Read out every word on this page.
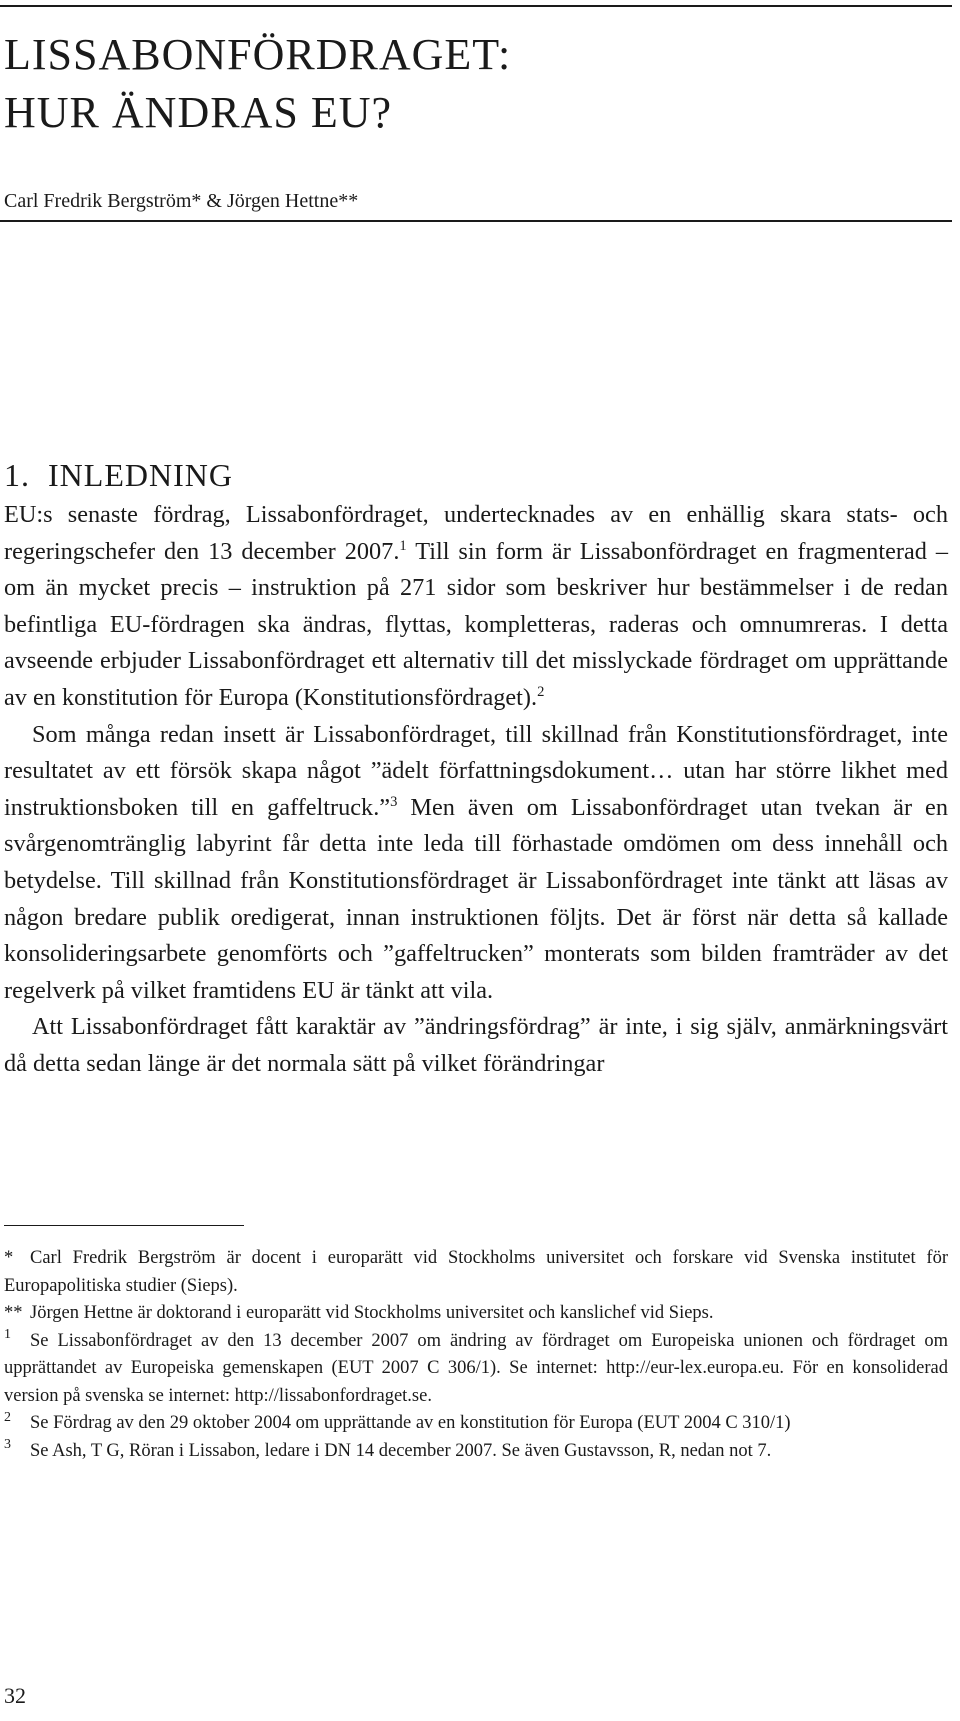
LISSABONFÖRDRAGET:
HUR ÄNDRAS EU?
Carl Fredrik Bergström* & Jörgen Hettne**
1. INLEDNING

EU:s senaste fördrag, Lissabonfördraget, undertecknades av en enhällig skara stats- och regeringschefer den 13 december 2007.$^1$ Till sin form är Lissabonfördraget en fragmenterad – om än mycket precis – instruktion på 271 sidor som beskriver hur bestämmelser i de redan befintliga EU-fördragen ska ändras, flyttas, kompletteras, raderas och omnumreras. I detta avseende erbjuder Lissabonfördraget ett alternativ till det misslyckade fördraget om upprättande av en konstitution för Europa (Konstitutionsfördraget).$^2$

Som många redan insett är Lissabonfördraget, till skillnad från Konstitutionsfördraget, inte resultatet av ett försök skapa något ”ädelt författningsdokument… utan har större likhet med instruktionsboken till en gaffeltruck.”$^3$ Men även om Lissabonfördraget utan tvekan är en svårgenomtränglig labyrint får detta inte leda till förhastade omdömen om dess innehåll och betydelse. Till skillnad från Konstitutionsfördraget är Lissabonfördraget inte tänkt att läsas av någon bredare publik oredigerat, innan instruktionen följts. Det är först när detta så kallade konsolideringsarbete genomförts och ”gaffeltrucken” monterats som bilden framträder av det regelverk på vilket framtidens EU är tänkt att vila.

Att Lissabonfördraget fått karaktär av ”ändringsfördrag” är inte, i sig själv, anmärkningsvärt då detta sedan länge är det normala sätt på vilket förändringar

* Carl Fredrik Bergström är docent i europarätt vid Stockholms universitet och forskare vid Svenska institutet för Europapolitiska studier (Sieps).

** Jörgen Hettne är doktorand i europarätt vid Stockholms universitet och kanslichef vid Sieps.

1 Se Lissabonfördraget av den 13 december 2007 om ändring av fördraget om Europeiska unionen och fördraget om upprättandet av Europeiska gemenskapen (EUT 2007 C 306/1). Se internet: http://eur-lex.europa.eu. För en konsoliderad version på svenska se internet: http://lissabonfordraget.se.

2 Se Fördrag av den 29 oktober 2004 om upprättande av en konstitution för Europa (EUT 2004 C 310/1)

3 Se Ash, T G, Röran i Lissabon, ledare i DN 14 december 2007. Se även Gustavsson, R, nedan not 7.

32
